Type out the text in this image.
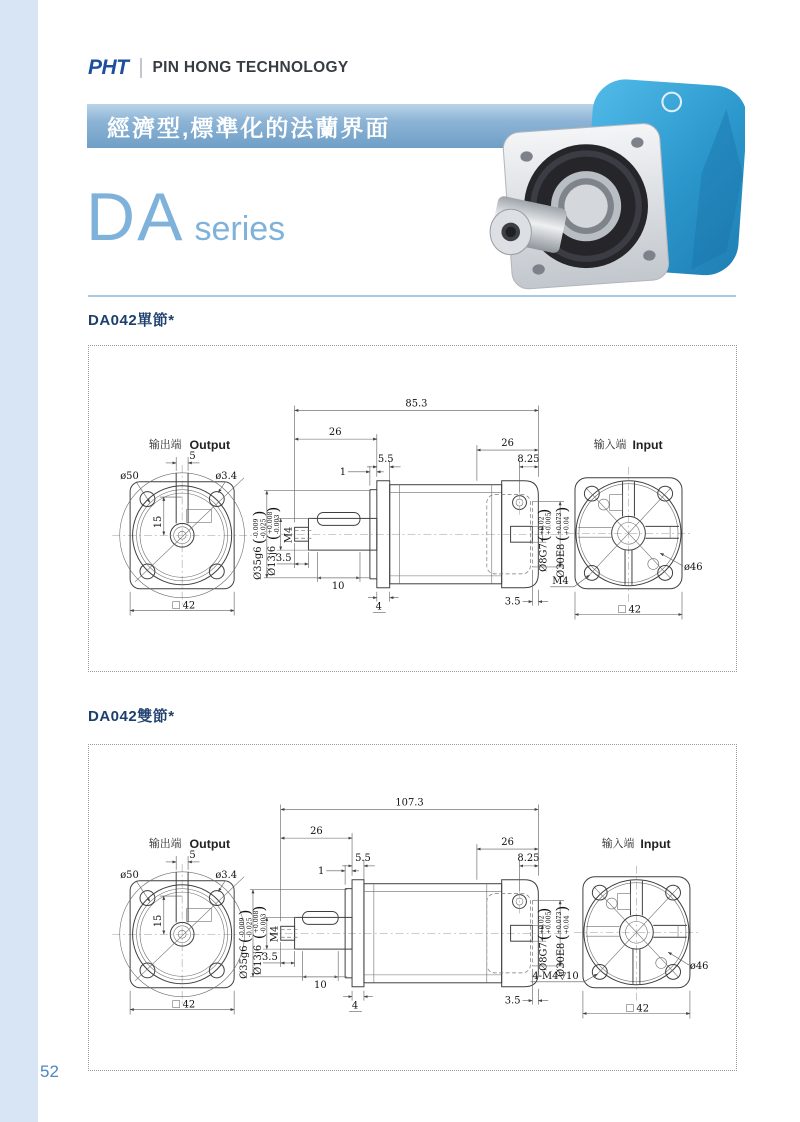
PHT PIN HONG TECHNOLOGY
經濟型,標準化的法蘭界面
DA series
DA042單節*
输出端 Output
5
15
ø50	ø3.4
42
85.3
26
26
5.5
1
8.25
3.5
4
3.5
10
M4
Ø35g6
(
-0.009 -0.025
)
Ø13j6
(
+0.008 -0.003
)
Ø8G7
(
+0.02 +0.005
)
Ø30E8
(
+0.073 +0.04
)
输入端 Input
ø46
M4
42
DA042雙節*
输出端 Output
5
15
ø50	ø3.4
42
107.3
26
26
5.5
1
8.25
3.5
4
3.5
10
M4
Ø35g6
(
-0.009 -0.025
)
Ø13j6
(
+0.008 -0.003
)
Ø8G7
(
+0.02 +0.005
)
Ø30E8
(
+0.073 +0.04
)
输入端 Input
ø46
4-M4▽10
42
52
